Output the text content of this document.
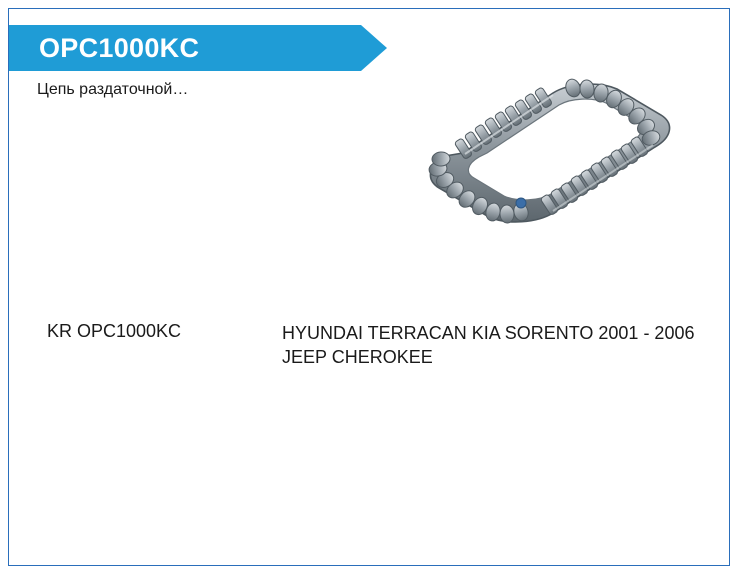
OPC1000KC
Цепь раздаточной…
KR OPC1000KC	HYUNDAI TERRACAN KIA SORENTO 2001 - 2006 JEEP CHEROKEE
